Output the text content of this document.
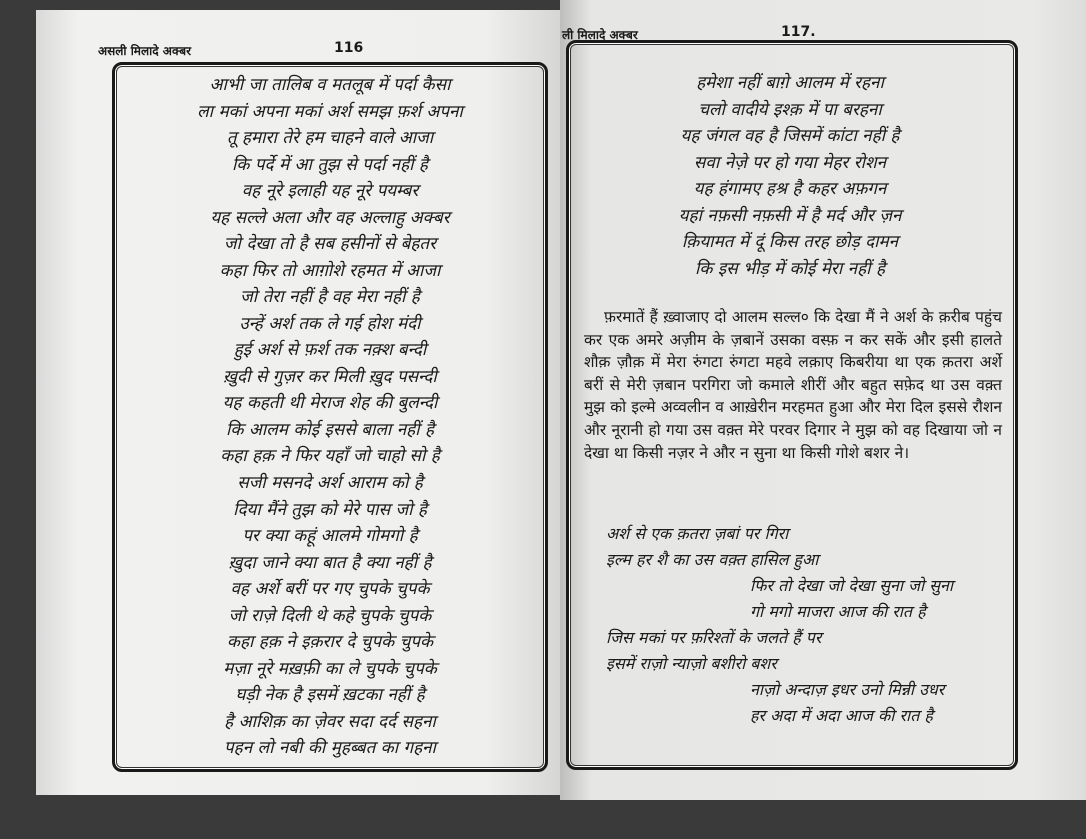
असली मिलादे अक्बर	116
आभी जा तालिब व मतलूब में पर्दा कैसा
ला मकां अपना मकां अर्श समझ फ़र्श अपना
तू हमारा तेरे हम चाहने वाले आजा
कि पर्दे में आ तुझ से पर्दा नहीं है
वह नूरे इलाही यह नूरे पयम्बर
यह सल्ले अला और वह अल्लाहु अक्बर
जो देखा तो है सब हसीनों से बेहतर
कहा फिर तो आग़ोशे रहमत में आजा
जो तेरा नहीं है वह मेरा नहीं है
उन्हें अर्श तक ले गई होश मंदी
हुई अर्श से फ़र्श तक नक़्श बन्दी
ख़ुदी से गुज़र कर मिली ख़ुद पसन्दी
यह कहती थी मेराज शेह की बुलन्दी
कि आलम कोई इससे बाला नहीं है
कहा हक़ ने फिर यहाँ जो चाहो सो है
सजी मसनदे अर्श आराम को है
दिया मैंने तुझ को मेरे पास जो है
पर क्या कहूं आलमे गोमगो है
ख़ुदा जाने क्या बात है क्या नहीं है
वह अर्शे बरीं पर गए चुपके चुपके
जो राज़े दिली थे कहे चुपके चुपके
कहा हक़ ने इक़रार दे चुपके चुपके
मज़ा नूरे मख़फ़ी का ले चुपके चुपके
घड़ी नेक है इसमें ख़टका नहीं है
है आशिक़ का ज़ेवर सदा दर्द सहना
पहन लो नबी की मुहब्बत का गहना
ली मिलादे अक्बर	117.
हमेशा नहीं बाग़े आलम में रहना
चलो वादीये इश्क़ में पा बरहना
यह जंगल वह है जिसमें कांटा नहीं है
सवा नेज़े पर हो गया मेहर रोशन
यह हंगामए हश्र है कहर अफ़गन
यहां नफ़सी नफ़सी में है मर्द और ज़न
क़ियामत में दूं किस तरह छोड़ दामन
कि इस भीड़ में कोई मेरा नहीं है
फ़रमातें हैं ख़्वाजाए दो आलम सल्ल० कि देखा मैं ने अर्श के क़रीब पहुंच कर एक अमरे अज़ीम के ज़बानें उसका वस्फ़ न कर सकें और इसी हालते शौक़ ज़ौक़ में मेरा रुंगटा रुंगटा महवे लक़ाए किबरीया था एक क़तरा अर्शे बरीं से मेरी ज़बान परगिरा जो कमाले शीरीं और बहुत सफ़ेद था उस वक़्त मुझ को इल्मे अव्वलीन व आख़ेरीन मरहमत हुआ और मेरा दिल इससे रौशन और नूरानी हो गया उस वक़्त मेरे परवर दिगार ने मुझ को वह दिखाया जो न देखा था किसी नज़र ने और न सुना था किसी गोशे बशर ने।
अर्श से एक क़तरा ज़बां पर गिरा
इल्म हर शै का उस वक़्त हासिल हुआ
फिर तो देखा जो देखा सुना जो सुना
गो मगो माजरा आज की रात है
जिस मकां पर फ़रिश्तों के जलते हैं पर
इसमें राज़ो न्याज़ो बशीरो बशर
नाज़ो अन्दाज़ इधर उनो मिन्नी उधर
हर अदा में अदा आज की रात है
